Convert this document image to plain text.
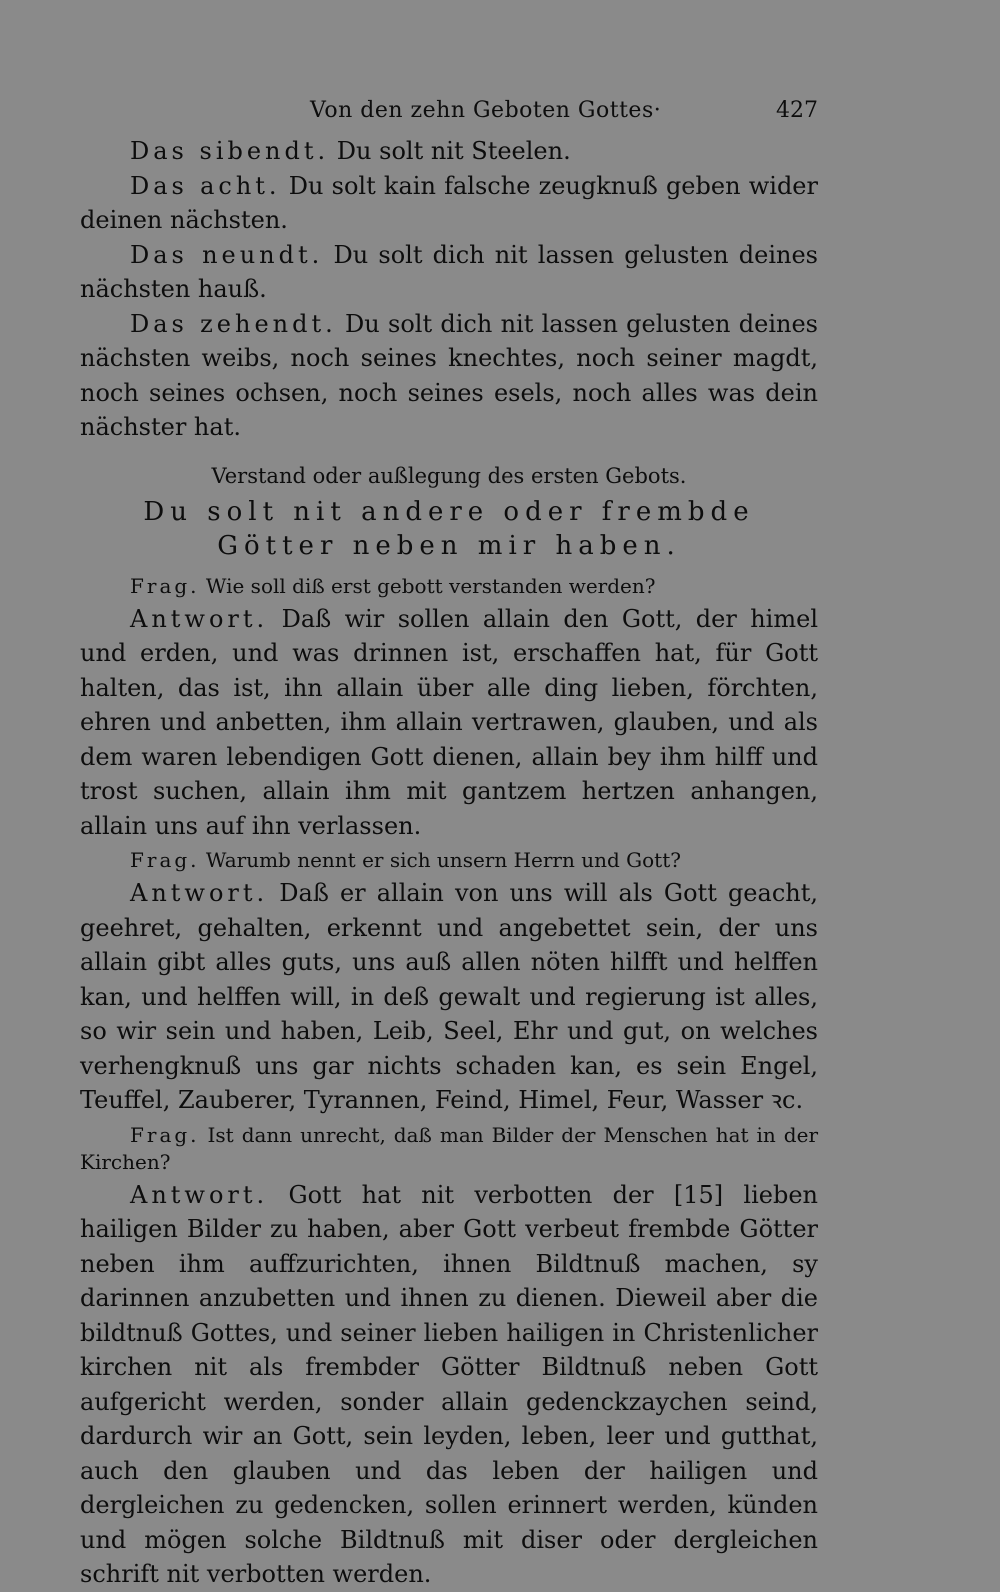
Von den zehn Geboten Gottes·	427

Das sibendt. Du solt nit Steelen.

Das acht. Du solt kain falsche zeugknuß geben wider deinen nächsten.

Das neundt. Du solt dich nit lassen gelusten deines nächsten hauß.

Das zehendt. Du solt dich nit lassen gelusten deines nächsten weibs, noch seines knechtes, noch seiner magdt, noch seines ochsen, noch seines esels, noch alles was dein nächster hat.

Verstand oder außlegung des ersten Gebots.
Du solt nit andere oder frembde Götter neben mir haben.
Frag. Wie soll diß erst gebott verstanden werden?

Antwort. Daß wir sollen allain den Gott, der himel und erden, und was drinnen ist, erschaffen hat, für Gott halten, das ist, ihn allain über alle ding lieben, förchten, ehren und anbetten, ihm allain vertrawen, glauben, und als dem waren lebendigen Gott dienen, allain bey ihm hilff und trost suchen, allain ihm mit gantzem hertzen anhangen, allain uns auf ihn verlassen.

Frag. Warumb nennt er sich unsern Herrn und Gott?

Antwort. Daß er allain von uns will als Gott geacht, geehret, gehalten, erkennt und angebettet sein, der uns allain gibt alles guts, uns auß allen nöten hilfft und helffen kan, und helffen will, in deß gewalt und regierung ist alles, so wir sein und haben, Leib, Seel, Ehr und gut, on welches verhengknuß uns gar nichts schaden kan, es sein Engel, Teuffel, Zauberer, Tyrannen, Feind, Himel, Feur, Wasser ꝛc.

Frag. Ist dann unrecht, daß man Bilder der Menschen hat in der Kirchen?

Antwort. Gott hat nit verbotten der [15] lieben hailigen Bilder zu haben, aber Gott verbeut frembde Götter neben ihm auffzurichten, ihnen Bildtnuß machen, sy darinnen anzubetten und ihnen zu dienen. Dieweil aber die bildtnuß Gottes, und seiner lieben hailigen in Christenlicher kirchen nit als frembder Götter Bildtnuß neben Gott aufgericht werden, sonder allain gedenckzaychen seind, dardurch wir an Gott, sein leyden, leben, leer und gutthat, auch den glauben und das leben der hailigen und dergleichen zu gedencken, sollen erinnert werden, künden und mögen solche Bildtnuß mit diser oder dergleichen schrift nit verbotten werden.
